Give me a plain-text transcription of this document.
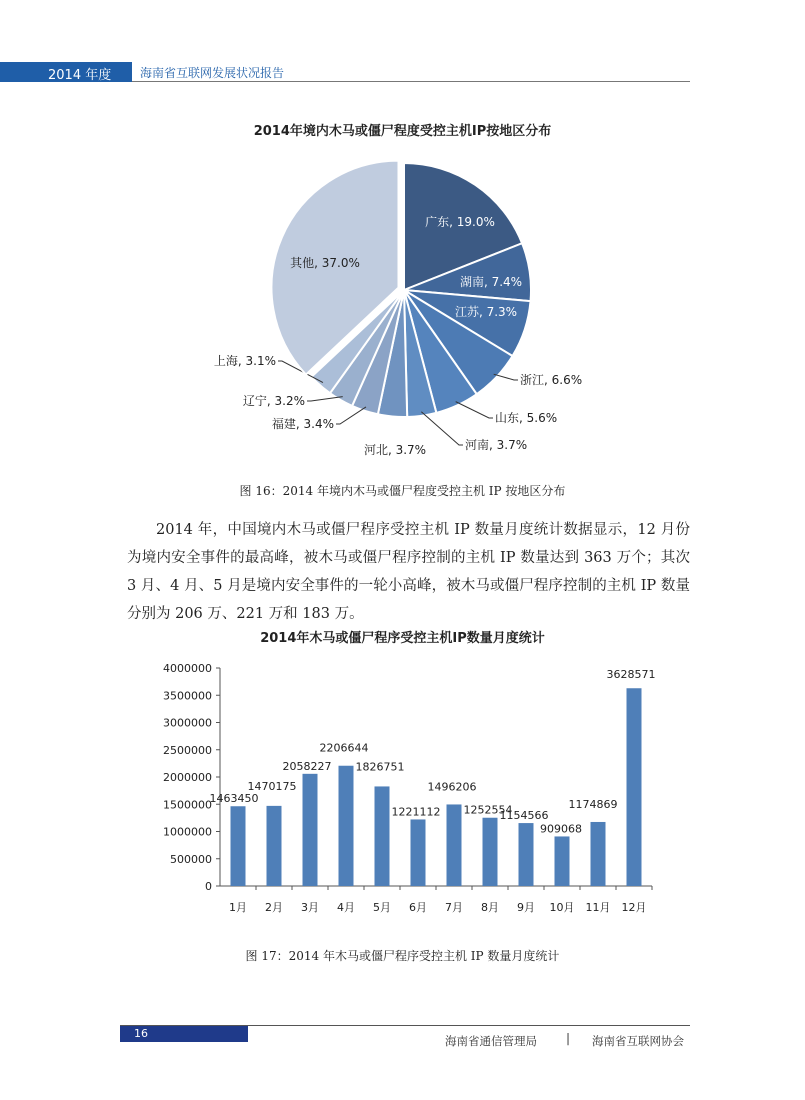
2014 年度 海南省互联网发展状况报告
2014年境内木马或僵尸程度受控主机IP按地区分布
广东, 19.0%
湖南, 7.4%
江苏, 7.3%
浙江, 6.6%
山东, 5.6%
河南, 3.7%
河北, 3.7%
福建, 3.4%
辽宁, 3.2%
上海, 3.1%
其他, 37.0%
图 16：2014 年境内木马或僵尸程度受控主机 IP 按地区分布

2014 年，中国境内木马或僵尸程序受控主机 IP 数量月度统计数据显示，12 月份为境内安全事件的最高峰，被木马或僵尸程序控制的主机 IP 数量达到 363 万个；其次 3 月、4 月、5 月是境内安全事件的一轮小高峰，被木马或僵尸程序控制的主机 IP 数量分别为 206 万、221 万和 183 万。

2014年木马或僵尸程序受控主机IP数量月度统计
0
500000
1000000
1500000
2000000
2500000
3000000
3500000
4000000
1463450
1月
1470175
2月
2058227
3月
2206644
4月
1826751
5月
1221112
6月
1496206
7月
1252554
8月
1154566
9月
909068
10月
1174869
11月
3628571
12月
图 17：2014 年木马或僵尸程序受控主机 IP 数量月度统计
16
海南省通信管理局 | 海南省互联网协会
